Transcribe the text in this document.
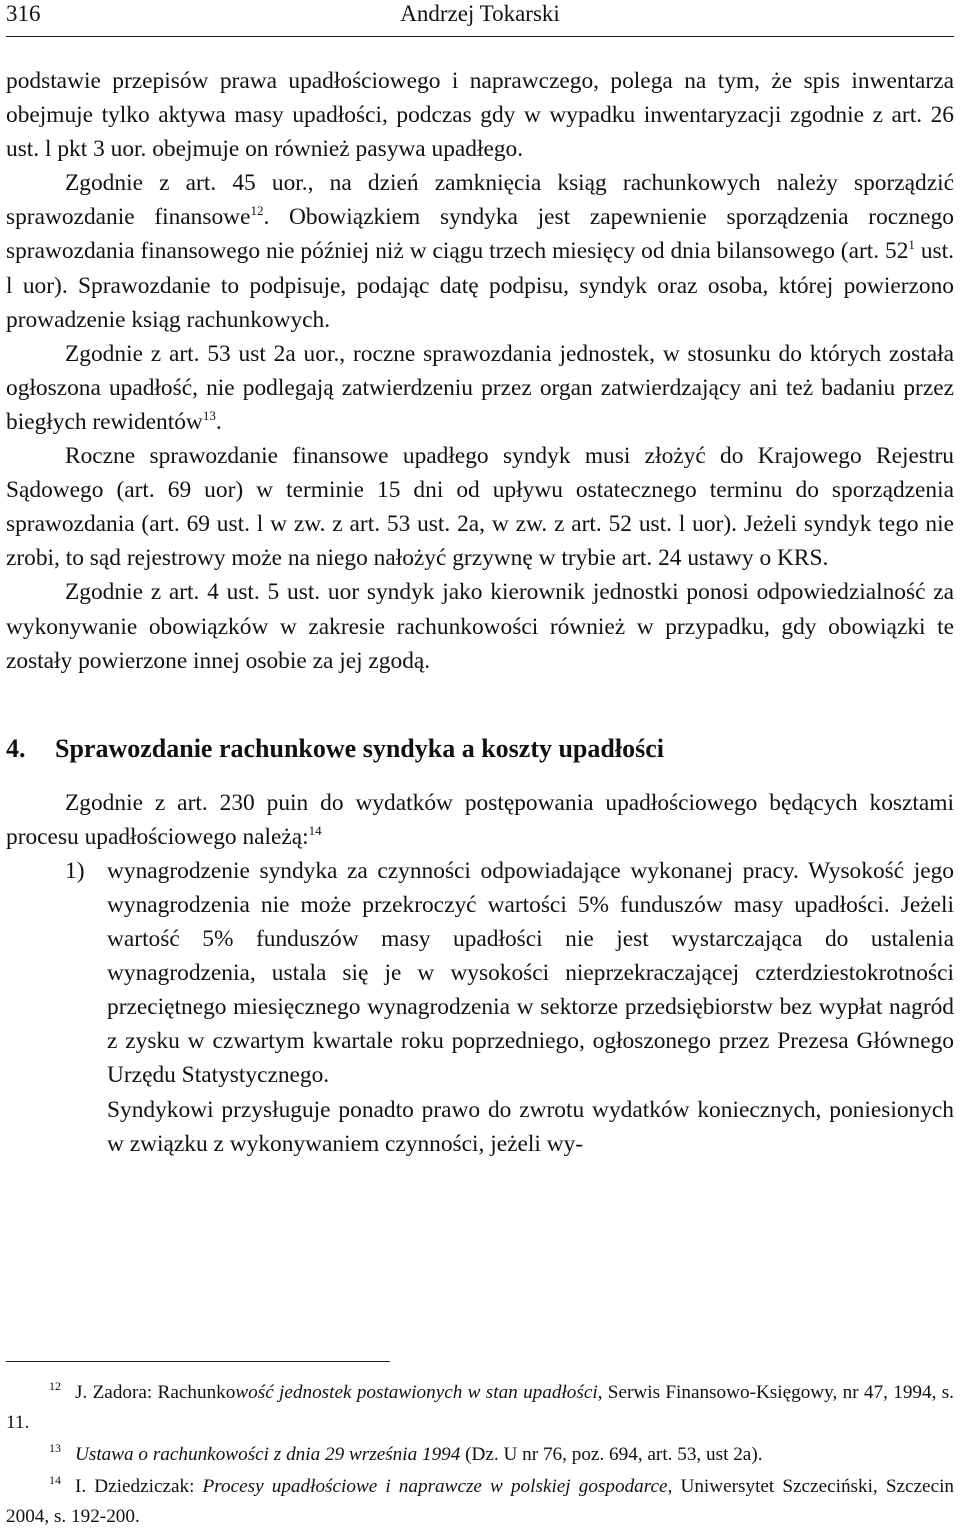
316	Andrzej Tokarski

podstawie przepisów prawa upadłościowego i naprawczego, polega na tym, że spis inwentarza obejmuje tylko aktywa masy upadłości, podczas gdy w wypadku inwentaryzacji zgodnie z art. 26 ust. l pkt 3 uor. obejmuje on również pasywa upadłego.

Zgodnie z art. 45 uor., na dzień zamknięcia ksiąg rachunkowych należy sporządzić sprawozdanie finansowe$^{12}$. Obowiązkiem syndyka jest zapewnienie sporządzenia rocznego sprawozdania finansowego nie później niż w ciągu trzech miesięcy od dnia bilansowego (art. $52^1$ ust. l uor). Sprawozdanie to podpisuje, podając datę podpisu, syndyk oraz osoba, której powierzono prowadzenie ksiąg rachunkowych.

Zgodnie z art. 53 ust 2a uor., roczne sprawozdania jednostek, w stosunku do których została ogłoszona upadłość, nie podlegają zatwierdzeniu przez organ zatwierdzający ani też badaniu przez biegłych rewidentów$^{13}$.

Roczne sprawozdanie finansowe upadłego syndyk musi złożyć do Krajowego Rejestru Sądowego (art. 69 uor) w terminie 15 dni od upływu ostatecznego terminu do sporządzenia sprawozdania (art. 69 ust. l w zw. z art. 53 ust. 2a, w zw. z art. 52 ust. l uor). Jeżeli syndyk tego nie zrobi, to sąd rejestrowy może na niego nałożyć grzywnę w trybie art. 24 ustawy o KRS.

Zgodnie z art. 4 ust. 5 ust. uor syndyk jako kierownik jednostki ponosi odpowiedzialność za wykonywanie obowiązków w zakresie rachunkowości również w przypadku, gdy obowiązki te zostały powierzone innej osobie za jej zgodą.

4. Sprawozdanie rachunkowe syndyka a koszty upadłości

Zgodnie z art. 230 puin do wydatków postępowania upadłościowego będących kosztami procesu upadłościowego należą:$^{14}$

1) wynagrodzenie syndyka za czynności odpowiadające wykonanej pracy. Wysokość jego wynagrodzenia nie może przekroczyć wartości 5% funduszów masy upadłości. Jeżeli wartość 5% funduszów masy upadłości nie jest wystarczająca do ustalenia wynagrodzenia, ustala się je w wysokości nieprzekraczającej czterdziestokrotności przeciętnego miesięcznego wynagrodzenia w sektorze przedsiębiorstw bez wypłat nagród z zysku w czwartym kwartale roku poprzedniego, ogłoszonego przez Prezesa Głównego Urzędu Statystycznego.

Syndykowi przysługuje ponadto prawo do zwrotu wydatków koniecznych, poniesionych w związku z wykonywaniem czynności, jeżeli wy-

$^{12}$ J. Zadora: Rachunkowość jednostek postawionych w stan upadłości, Serwis Finansowo-Księgowy, nr 47, 1994, s. 11.

$^{13}$ Ustawa o rachunkowości z dnia 29 września 1994 (Dz. U nr 76, poz. 694, art. 53, ust 2a).

$^{14}$ I. Dziedziczak: Procesy upadłościowe i naprawcze w polskiej gospodarce, Uniwersytet Szczeciński, Szczecin 2004, s. 192-200.
